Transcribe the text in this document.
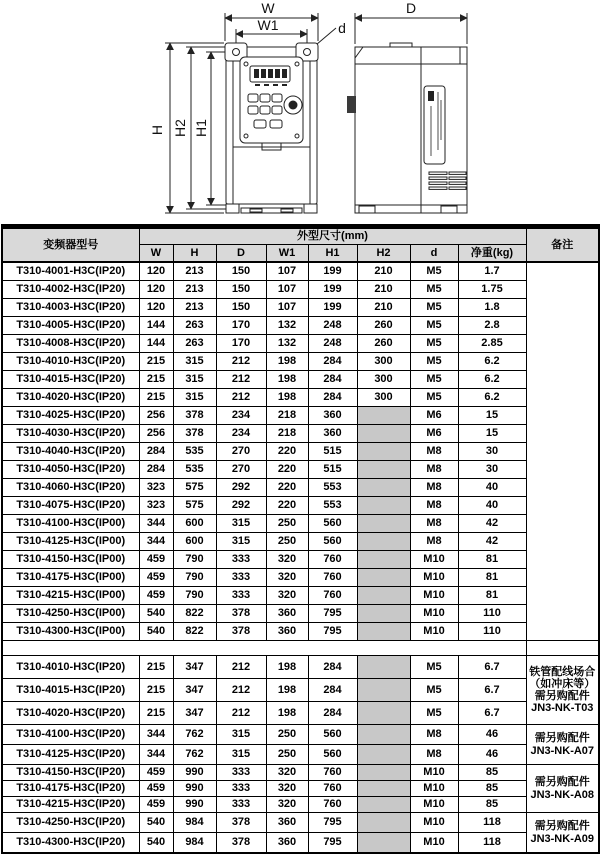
W
W1	d
D
H H2 H1
变频器型号	外型尺寸(mm)								备注
	W	H	D	W1	H1	H2	d	净重(kg)	
T310-4001-H3C(IP20)	120	213	150	107	199	210	M5	1.7	
T310-4002-H3C(IP20)	120	213	150	107	199	210	M5	1.75	
T310-4003-H3C(IP20)	120	213	150	107	199	210	M5	1.8	
T310-4005-H3C(IP20)	144	263	170	132	248	260	M5	2.8	
T310-4008-H3C(IP20)	144	263	170	132	248	260	M5	2.85	
T310-4010-H3C(IP20)	215	315	212	198	284	300	M5	6.2	
T310-4015-H3C(IP20)	215	315	212	198	284	300	M5	6.2	
T310-4020-H3C(IP20)	215	315	212	198	284	300	M5	6.2	
T310-4025-H3C(IP20)	256	378	234	218	360		M6	15	
T310-4030-H3C(IP20)	256	378	234	218	360		M6	15	
T310-4040-H3C(IP20)	284	535	270	220	515		M8	30	
T310-4050-H3C(IP20)	284	535	270	220	515		M8	30	
T310-4060-H3C(IP20)	323	575	292	220	553		M8	40	
T310-4075-H3C(IP20)	323	575	292	220	553		M8	40	
T310-4100-H3C(IP00)	344	600	315	250	560		M8	42	
T310-4125-H3C(IP00)	344	600	315	250	560		M8	42	
T310-4150-H3C(IP00)	459	790	333	320	760		M10	81	
T310-4175-H3C(IP00)	459	790	333	320	760		M10	81	
T310-4215-H3C(IP00)	459	790	333	320	760		M10	81	
T310-4250-H3C(IP00)	540	822	378	360	795		M10	110	
T310-4300-H3C(IP00)	540	822	378	360	795		M10	110	

T310-4010-H3C(IP20)	215	347	212	198	284		M5	6.7	铁管配线场合
（如冲床等）
需另购配件
JN3-NK-T03

T310-4015-H3C(IP20)	215	347	212	198	284		M5	6.7	
T310-4020-H3C(IP20)	215	347	212	198	284		M5	6.7	
T310-4100-H3C(IP20)	344	762	315	250	560		M8	46	需另购配件
JN3-NK-A07

T310-4125-H3C(IP20)	344	762	315	250	560		M8	46	
T310-4150-H3C(IP20)	459	990	333	320	760		M10	85	需另购配件
JN3-NK-A08

T310-4175-H3C(IP20)	459	990	333	320	760		M10	85	
T310-4215-H3C(IP20)	459	990	333	320	760		M10	85	
T310-4250-H3C(IP20)	540	984	378	360	795		M10	118	需另购配件
JN3-NK-A09

T310-4300-H3C(IP20)	540	984	378	360	795		M10	118	
